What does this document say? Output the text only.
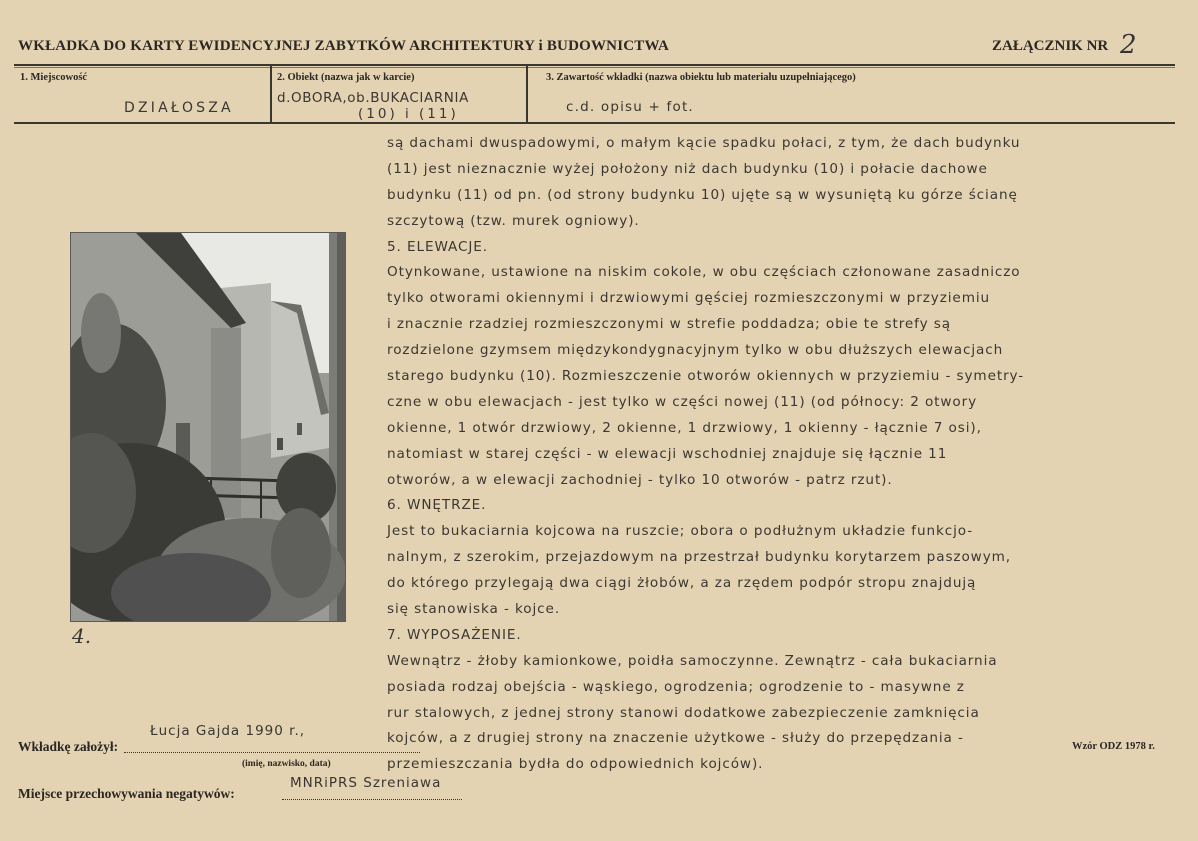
WKŁADKA DO KARTY EWIDENCYJNEJ ZABYTKÓW ARCHITEKTURY i BUDOWNICTWA	ZAŁĄCZNIK NR 2
1. Miejscowość
DZIAŁOSZA
2. Obiekt (nazwa jak w karcie)
d.OBORA,ob.BUKACIARNIA
(10) i (11)
3. Zawartość wkładki (nazwa obiektu lub materiału uzupełniającego)
c.d. opisu + fot.
4.
są dachami dwuspadowymi, o małym kącie spadku połaci, z tym, że dach budynku
(11) jest nieznacznie wyżej położony niż dach budynku (10) i połacie dachowe
budynku (11) od pn. (od strony budynku 10) ujęte są w wysuniętą ku górze ścianę
szczytową (tzw. murek ogniowy).
5. ELEWACJE.
Otynkowane, ustawione na niskim cokole, w obu częściach członowane zasadniczo
tylko otworami okiennymi i drzwiowymi gęściej rozmieszczonymi w przyziemiu
i znacznie rzadziej rozmieszczonymi w strefie poddadza; obie te strefy są
rozdzielone gzymsem międzykondygnacyjnym tylko w obu dłuższych elewacjach
starego budynku (10). Rozmieszczenie otworów okiennych w przyziemiu - symetry-
czne w obu elewacjach - jest tylko w części nowej (11) (od północy: 2 otwory
okienne, 1 otwór drzwiowy, 2 okienne, 1 drzwiowy, 1 okienny - łącznie 7 osi),
natomiast w starej części - w elewacji wschodniej znajduje się łącznie 11
otworów, a w elewacji zachodniej - tylko 10 otworów - patrz rzut).
6. WNĘTRZE.
Jest to bukaciarnia kojcowa na ruszcie; obora o podłużnym układzie funkcjo-
nalnym, z szerokim, przejazdowym na przestrzał budynku korytarzem paszowym,
do którego przylegają dwa ciągi żłobów, a za rzędem podpór stropu znajdują
się stanowiska - kojce.
7. WYPOSAŻENIE.
Wewnątrz - żłoby kamionkowe, poidła samoczynne. Zewnątrz - cała bukaciarnia
posiada rodzaj obejścia - wąskiego, ogrodzenia; ogrodzenie to - masywne z
rur stalowych, z jednej strony stanowi dodatkowe zabezpieczenie zamknięcia
kojców, a z drugiej strony na znaczenie użytkowe - służy do przepędzania -
przemieszczania bydła do odpowiednich kojców).
Wkładkę założył:
Łucja Gajda 1990 r.,
(imię, nazwisko, data)
Miejsce przechowywania negatywów:
MNRiPRS Szreniawa
Wzór ODZ 1978 r.
